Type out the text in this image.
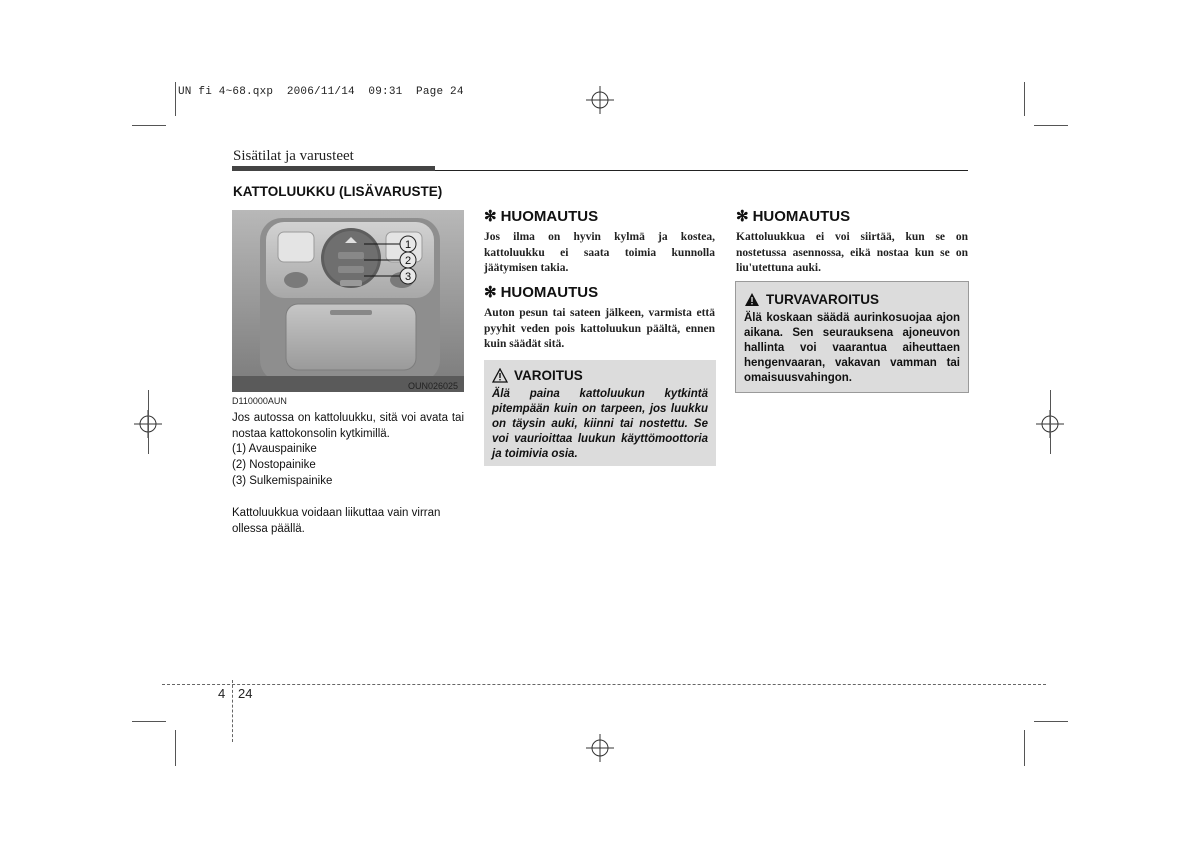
UN fi 4~68.qxp  2006/11/14  09:31  Page 24
Sisätilat ja varusteet
KATTOLUUKKU (LISÄVARUSTE)
1
2
3
OUN026025
D110000AUN
Jos autossa on kattoluukku, sitä voi avata tai nostaa kattokonsolin kytkimillä.
(1) Avauspainike
(2) Nostopainike
(3) Sulkemispainike
Kattoluukkua voidaan liikuttaa vain virran ollessa päällä.
✻ HUOMAUTUS
Jos ilma on hyvin kylmä ja kostea, kattoluukku ei saata toimia kunnolla jäätymisen takia.
✻ HUOMAUTUS
Auton pesun tai sateen jälkeen, varmista että pyyhit veden pois kattoluukun päältä, ennen kuin säädät sitä.
VAROITUS
Älä paina kattoluukun kytkintä pitempään kuin on tarpeen, jos luukku on täysin auki, kiinni tai nostettu. Se voi vaurioittaa luukun käyttömoottoria ja toimivia osia.
✻ HUOMAUTUS
Kattoluukkua ei voi siirtää, kun se on nostetussa asennossa, eikä nostaa kun se on liu'utettuna auki.
TURVAVAROITUS
Älä koskaan säädä aurinkosuojaa ajon aikana. Sen seurauksena ajoneuvon hallinta voi vaarantua aiheuttaen hengenvaaran, vakavan vamman tai omaisuusvahingon.
4 24
